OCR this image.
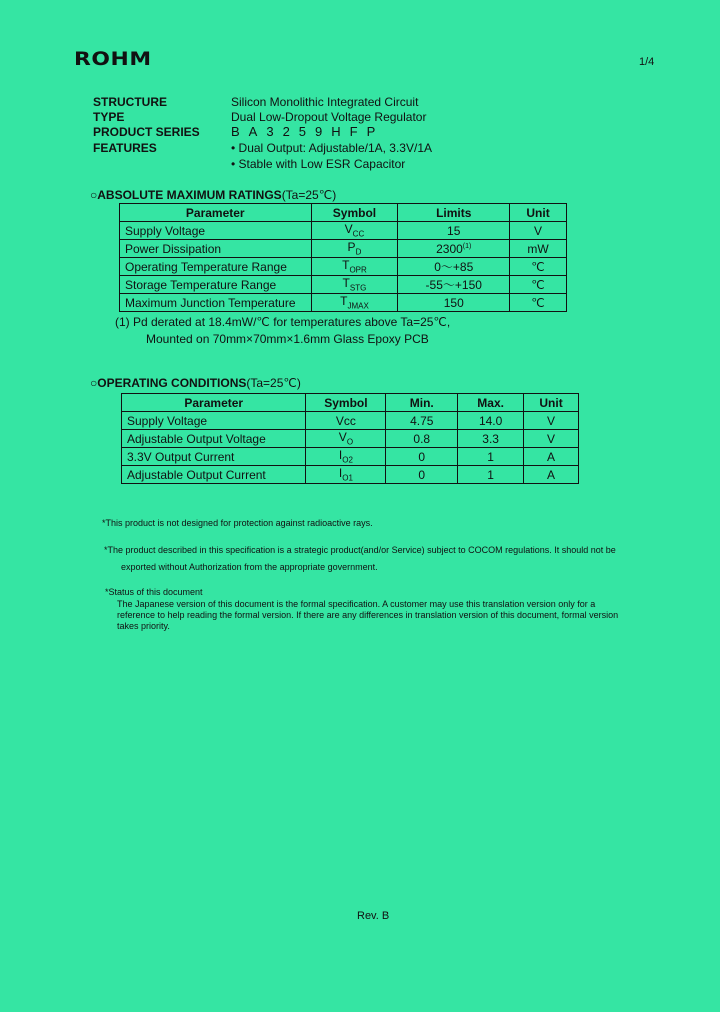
ROHM	1/4
STRUCTURE	Silicon Monolithic Integrated Circuit
TYPE	Dual Low-Dropout Voltage Regulator
PRODUCT SERIES BA3259HFP
FEATURES	• Dual Output: Adjustable/1A, 3.3V/1A
• Stable with Low ESR Capacitor
○ABSOLUTE MAXIMUM RATINGS(Ta=25℃)
Parameter	Symbol	Limits	Unit
Supply Voltage	$V_{CC}$	15	V
Power Dissipation	$P_D$	2300$^{(1)}$	mW
Operating Temperature Range	$T_{OPR}$	0～+85	℃
Storage Temperature Range	$T_{STG}$	-55～+150	℃
Maximum Junction Temperature	$T_{JMAX}$	150	℃
(1) Pd derated at 18.4mW/℃ for temperatures above Ta=25℃,
Mounted on 70mm×70mm×1.6mm Glass Epoxy PCB
○OPERATING CONDITIONS(Ta=25℃)
Parameter	Symbol	Min.	Max.	Unit
Supply Voltage	Vcc	4.75	14.0	V
Adjustable Output Voltage	$V_O$	0.8	3.3	V
3.3V Output Current	$I_{O2}$	0	1	A
Adjustable Output Current	$I_{O1}$	0	1	A
*This product is not designed for protection against radioactive rays.
*The product described in this specification is a strategic product(and/or Service) subject to COCOM regulations. It should not be
exported without Authorization from the appropriate government.
*Status of this document
The Japanese version of this document is the formal specification. A customer may use this translation version only for a
reference to help reading the formal version. If there are any differences in translation version of this document, formal version
takes priority.
Rev. B
